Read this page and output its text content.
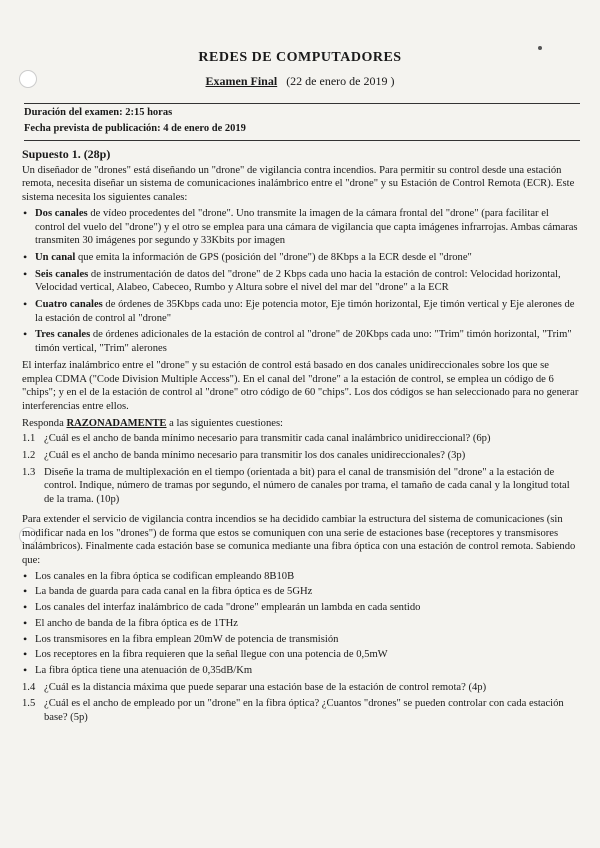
REDES DE COMPUTADORES
Examen Final (22 de enero de 2019 )
Duración del examen: 2:15 horas
Fecha prevista de publicación: 4 de enero de 2019

Supuesto 1. (28p)

Un diseñador de "drones" está diseñando un "drone" de vigilancia contra incendios. Para permitir su control desde una estación remota, necesita diseñar un sistema de comunicaciones inalámbrico entre el "drone" y su Estación de Control Remota (ECR). Este sistema necesita los siguientes canales:

• Dos canales de vídeo procedentes del "drone". Uno transmite la imagen de la cámara frontal del "drone" (para facilitar el control del vuelo del "drone") y el otro se emplea para una cámara de vigilancia que capta imágenes infrarrojas. Ambas cámaras transmiten 30 imágenes por segundo y 33Kbits por imagen
• Un canal que emita la información de GPS (posición del "drone") de 8Kbps a la ECR desde el "drone"
• Seis canales de instrumentación de datos del "drone" de 2 Kbps cada uno hacia la estación de control: Velocidad horizontal, Velocidad vertical, Alabeo, Cabeceo, Rumbo y Altura sobre el nivel del mar del "drone" a la ECR
• Cuatro canales de órdenes de 35Kbps cada uno: Eje potencia motor, Eje timón horizontal, Eje timón vertical y Eje alerones de la estación de control al "drone"
• Tres canales de órdenes adicionales de la estación de control al "drone" de 20Kbps cada uno: "Trim" timón horizontal, "Trim" timón vertical, "Trim" alerones

El interfaz inalámbrico entre el "drone" y su estación de control está basado en dos canales unidireccionales sobre los que se emplea CDMA ("Code Division Multiple Access"). En el canal del "drone" a la estación de control, se emplea un código de 6 "chips"; y en el de la estación de control al "drone" otro código de 60 "chips". Los dos códigos se han seleccionado para no generar interferencias entre ellos.

Responda RAZONADAMENTE a las siguientes cuestiones:

1.1 ¿Cuál es el ancho de banda mínimo necesario para transmitir cada canal inalámbrico unidireccional? (6p)

1.2 ¿Cuál es el ancho de banda mínimo necesario para transmitir los dos canales unidireccionales? (3p)

1.3 Diseñe la trama de multiplexación en el tiempo (orientada a bit) para el canal de transmisión del "drone" a la estación de control. Indique, número de tramas por segundo, el número de canales por trama, el tamaño de cada canal y la longitud total de la trama. (10p)

Para extender el servicio de vigilancia contra incendios se ha decidido cambiar la estructura del sistema de comunicaciones (sin modificar nada en los "drones") de forma que estos se comuniquen con una serie de estaciones base (receptores y transmisores inalámbricos). Finalmente cada estación base se comunica mediante una fibra óptica con una estación de control remota. Sabiendo que:

• Los canales en la fibra óptica se codifican empleando 8B10B
• La banda de guarda para cada canal en la fibra óptica es de 5GHz
• Los canales del interfaz inalámbrico de cada "drone" emplearán un lambda en cada sentido
• El ancho de banda de la fibra óptica es de 1THz
• Los transmisores en la fibra emplean 20mW de potencia de transmisión
• Los receptores en la fibra requieren que la señal llegue con una potencia de 0,5mW
• La fibra óptica tiene una atenuación de 0,35dB/Km

1.4 ¿Cuál es la distancia máxima que puede separar una estación base de la estación de control remota? (4p)

1.5 ¿Cuál es el ancho de empleado por un "drone" en la fibra óptica? ¿Cuantos "drones" se pueden controlar con cada estación base? (5p)
